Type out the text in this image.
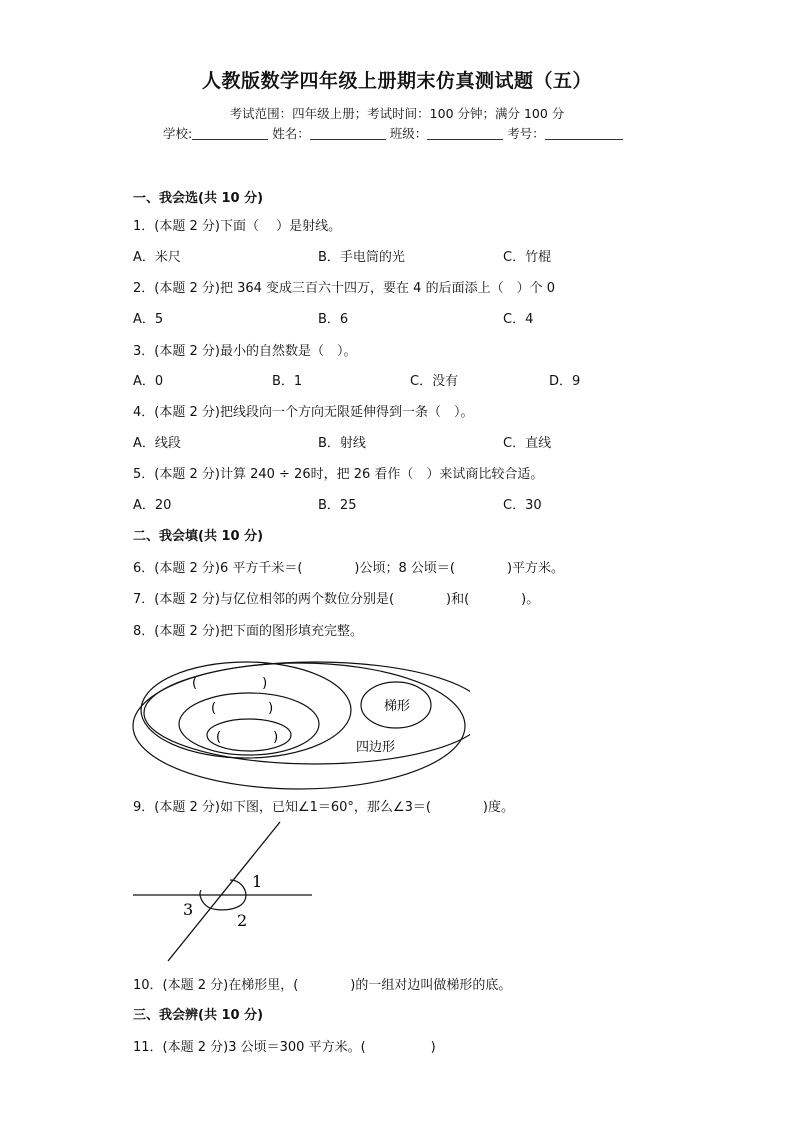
人教版数学四年级上册期末仿真测试题（五）
考试范围：四年级上册；考试时间：100 分钟；满分 100 分
学校:	姓名：	班级：	考号：
一、我会选(共 10 分)
1．(本题 2 分)下面（　 ）是射线。
A．米尺	B．手电筒的光	C．竹棍
2．(本题 2 分)把 364 变成三百六十四万，要在 4 的后面添上（　）个 0
A．5	B．6	C．4
3．(本题 2 分)最小的自然数是（　）。
A．0	B．1	C．没有	D．9
4．(本题 2 分)把线段向一个方向无限延伸得到一条（　）。
A．线段	B．射线	C．直线
5．(本题 2 分)计算 240 ÷ 26时，把 26 看作（　）来试商比较合适。
A．20	B．25	C．30
二、我会填(共 10 分)
6．(本题 2 分)6 平方千米＝(　　　　)公顷；8 公顷＝(　　　　)平方米。
7．(本题 2 分)与亿位相邻的两个数位分别是(　　　　)和(　　　　)。
8．(本题 2 分)把下面的图形填充完整。
(　　　　　)
(　　　　)
(　　　　)
梯形
四边形
9．(本题 2 分)如下图，已知∠1＝60°，那么∠3＝(　　　　)度。
1
2
3
10．(本题 2 分)在梯形里，(　　　　)的一组对边叫做梯形的底。
三、我会辨(共 10 分)
11．(本题 2 分)3 公顷＝300 平方米。(　　　　　)
